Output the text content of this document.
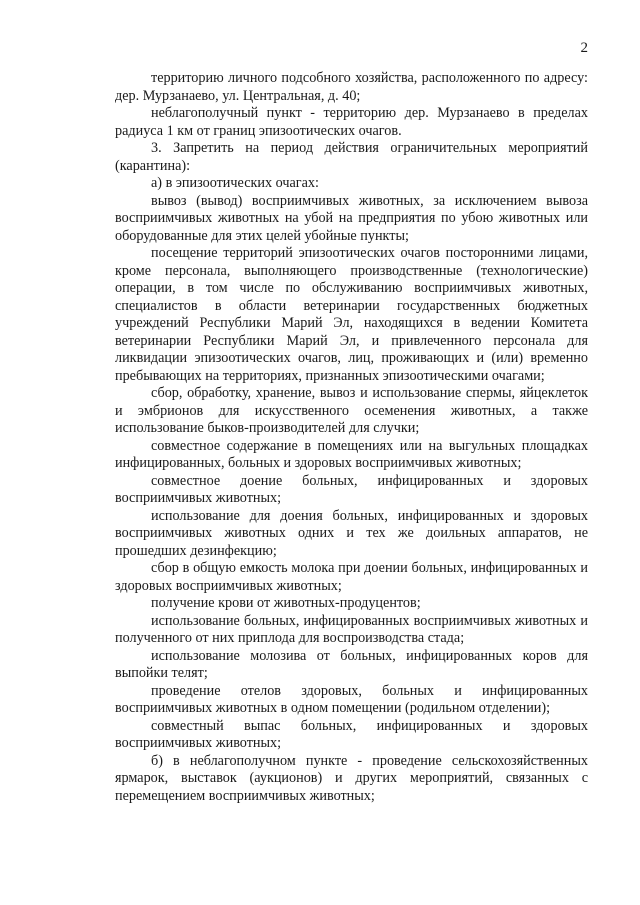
2

территорию личного подсобного хозяйства, расположенного по адресу: дер. Мурзанаево, ул. Центральная, д. 40;

неблагополучный пункт - территорию дер. Мурзанаево в пределах радиуса 1 км от границ эпизоотических очагов.

3. Запретить на период действия ограничительных мероприятий (карантина):

а) в эпизоотических очагах:

вывоз (вывод) восприимчивых животных, за исключением вывоза восприимчивых животных на убой на предприятия по убою животных или оборудованные для этих целей убойные пункты;

посещение территорий эпизоотических очагов посторонними лицами, кроме персонала, выполняющего производственные (технологические) операции, в том числе по обслуживанию восприимчивых животных, специалистов в области ветеринарии государственных бюджетных учреждений Республики Марий Эл, находящихся в ведении Комитета ветеринарии Республики Марий Эл, и привлеченного персонала для ликвидации эпизоотических очагов, лиц, проживающих и (или) временно пребывающих на территориях, признанных эпизоотическими очагами;

сбор, обработку, хранение, вывоз и использование спермы, яйцеклеток и эмбрионов для искусственного осеменения животных, а также использование быков-производителей для случки;

совместное содержание в помещениях или на выгульных площадках инфицированных, больных и здоровых восприимчивых животных;

совместное доение больных, инфицированных и здоровых восприимчивых животных;

использование для доения больных, инфицированных и здоровых восприимчивых животных одних и тех же доильных аппаратов, не прошедших дезинфекцию;

сбор в общую емкость молока при доении больных, инфицированных и здоровых восприимчивых животных;

получение крови от животных-продуцентов;

использование больных, инфицированных восприимчивых животных и полученного от них приплода для воспроизводства стада;

использование молозива от больных, инфицированных коров для выпойки телят;

проведение отелов здоровых, больных и инфицированных восприимчивых животных в одном помещении (родильном отделении);

совместный выпас больных, инфицированных и здоровых восприимчивых животных;

б) в неблагополучном пункте - проведение сельскохозяйственных ярмарок, выставок (аукционов) и других мероприятий, связанных с перемещением восприимчивых животных;
